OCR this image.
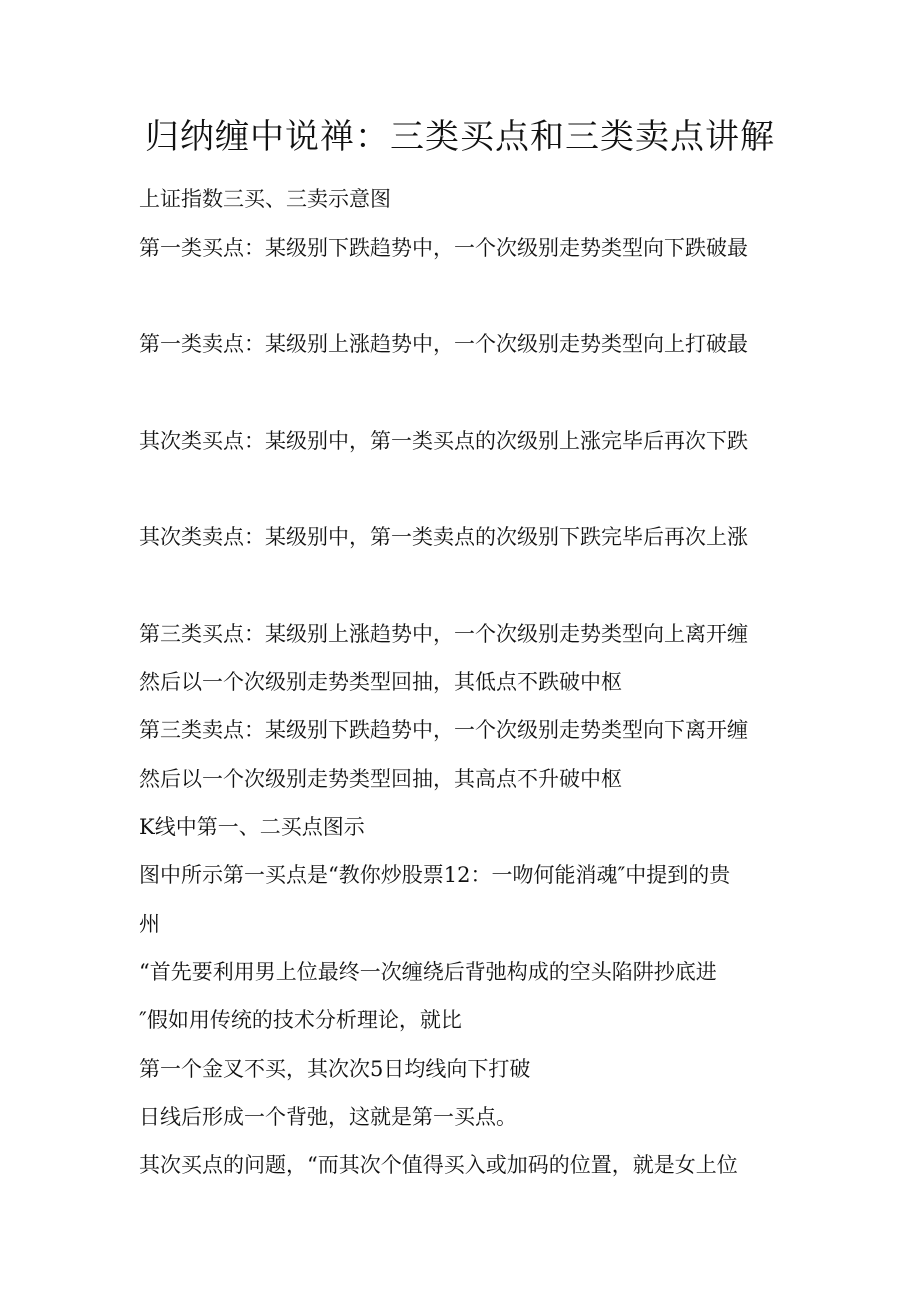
归纳缠中说禅：三类买点和三类卖点讲解

上证指数三买、三卖示意图

第一类买点：某级别下跌趋势中，一个次级别走势类型向下跌破最

第一类卖点：某级别上涨趋势中，一个次级别走势类型向上打破最

其次类买点：某级别中，第一类买点的次级别上涨完毕后再次下跌

其次类卖点：某级别中，第一类卖点的次级别下跌完毕后再次上涨

第三类买点：某级别上涨趋势中，一个次级别走势类型向上离开缠

然后以一个次级别走势类型回抽，其低点不跌破中枢

第三类卖点：某级别下跌趋势中，一个次级别走势类型向下离开缠

然后以一个次级别走势类型回抽，其高点不升破中枢

K线中第一、二买点图示

图中所示第一买点是“教你炒股票12：一吻何能消魂″中提到的贵

州

“首先要利用男上位最终一次缠绕后背弛构成的空头陷阱抄底进

″假如用传统的技术分析理论，就比

第一个金叉不买，其次次5日均线向下打破

日线后形成一个背弛，这就是第一买点。

其次买点的问题，“而其次个值得买入或加码的位置，就是女上位
